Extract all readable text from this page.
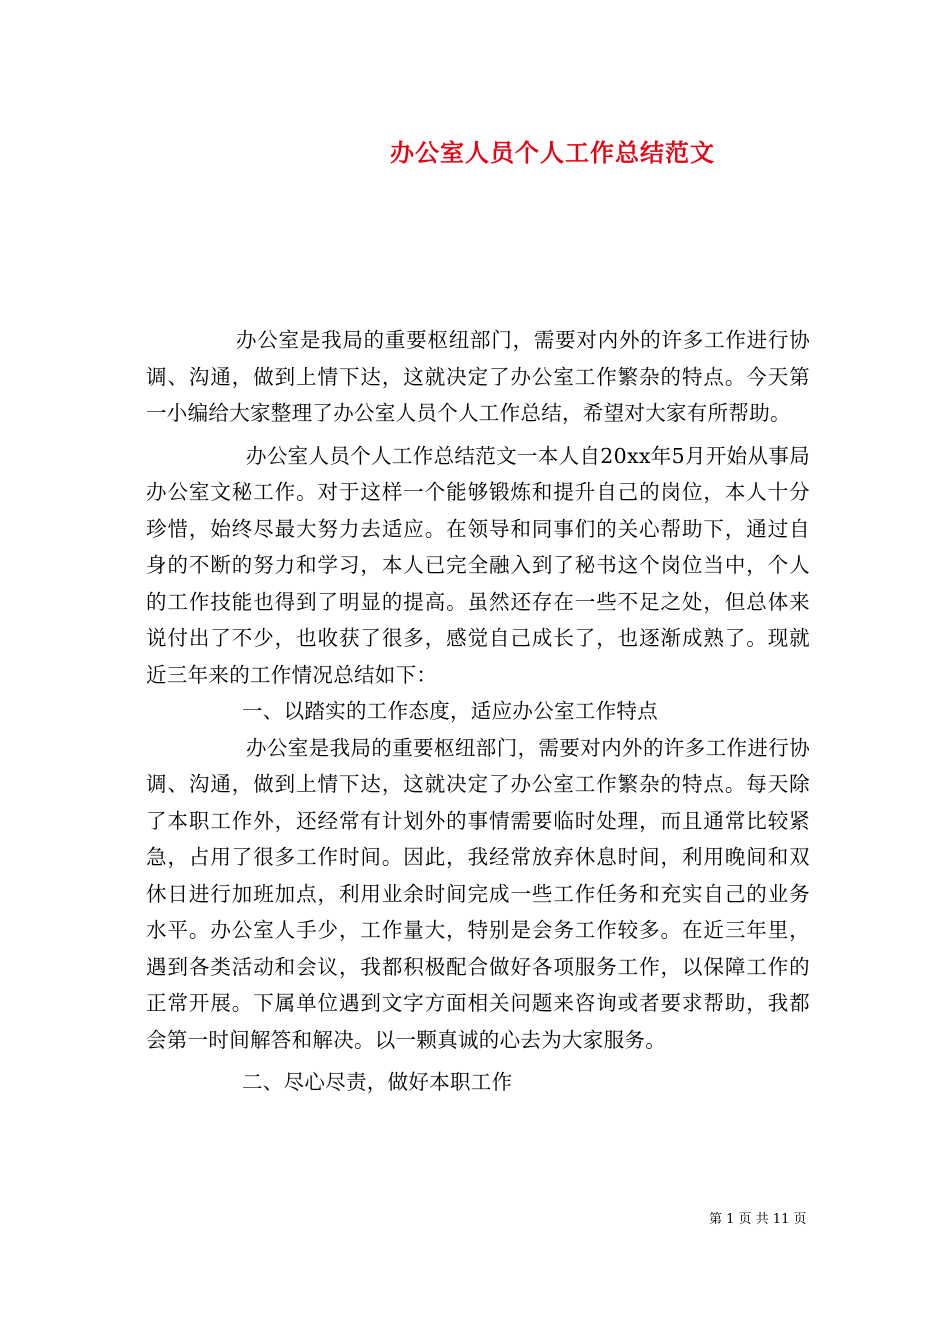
办公室人员个人工作总结范文

办公室是我局的重要枢纽部门，需要对内外的许多工作进行协调、沟通，做到上情下达，这就决定了办公室工作繁杂的特点。今天第一小编给大家整理了办公室人员个人工作总结，希望对大家有所帮助。

办公室人员个人工作总结范文一本人自20xx年5月开始从事局办公室文秘工作。对于这样一个能够锻炼和提升自己的岗位，本人十分珍惜，始终尽最大努力去适应。在领导和同事们的关心帮助下，通过自身的不断的努力和学习，本人已完全融入到了秘书这个岗位当中，个人的工作技能也得到了明显的提高。虽然还存在一些不足之处，但总体来说付出了不少，也收获了很多，感觉自己成长了，也逐渐成熟了。现就近三年来的工作情况总结如下：

一、以踏实的工作态度，适应办公室工作特点

办公室是我局的重要枢纽部门，需要对内外的许多工作进行协调、沟通，做到上情下达，这就决定了办公室工作繁杂的特点。每天除了本职工作外，还经常有计划外的事情需要临时处理，而且通常比较紧急，占用了很多工作时间。因此，我经常放弃休息时间，利用晚间和双休日进行加班加点，利用业余时间完成一些工作任务和充实自己的业务水平。办公室人手少，工作量大，特别是会务工作较多。在近三年里，遇到各类活动和会议，我都积极配合做好各项服务工作，以保障工作的正常开展。下属单位遇到文字方面相关问题来咨询或者要求帮助，我都会第一时间解答和解决。以一颗真诚的心去为大家服务。

二、尽心尽责，做好本职工作

第 1 页 共 11 页
